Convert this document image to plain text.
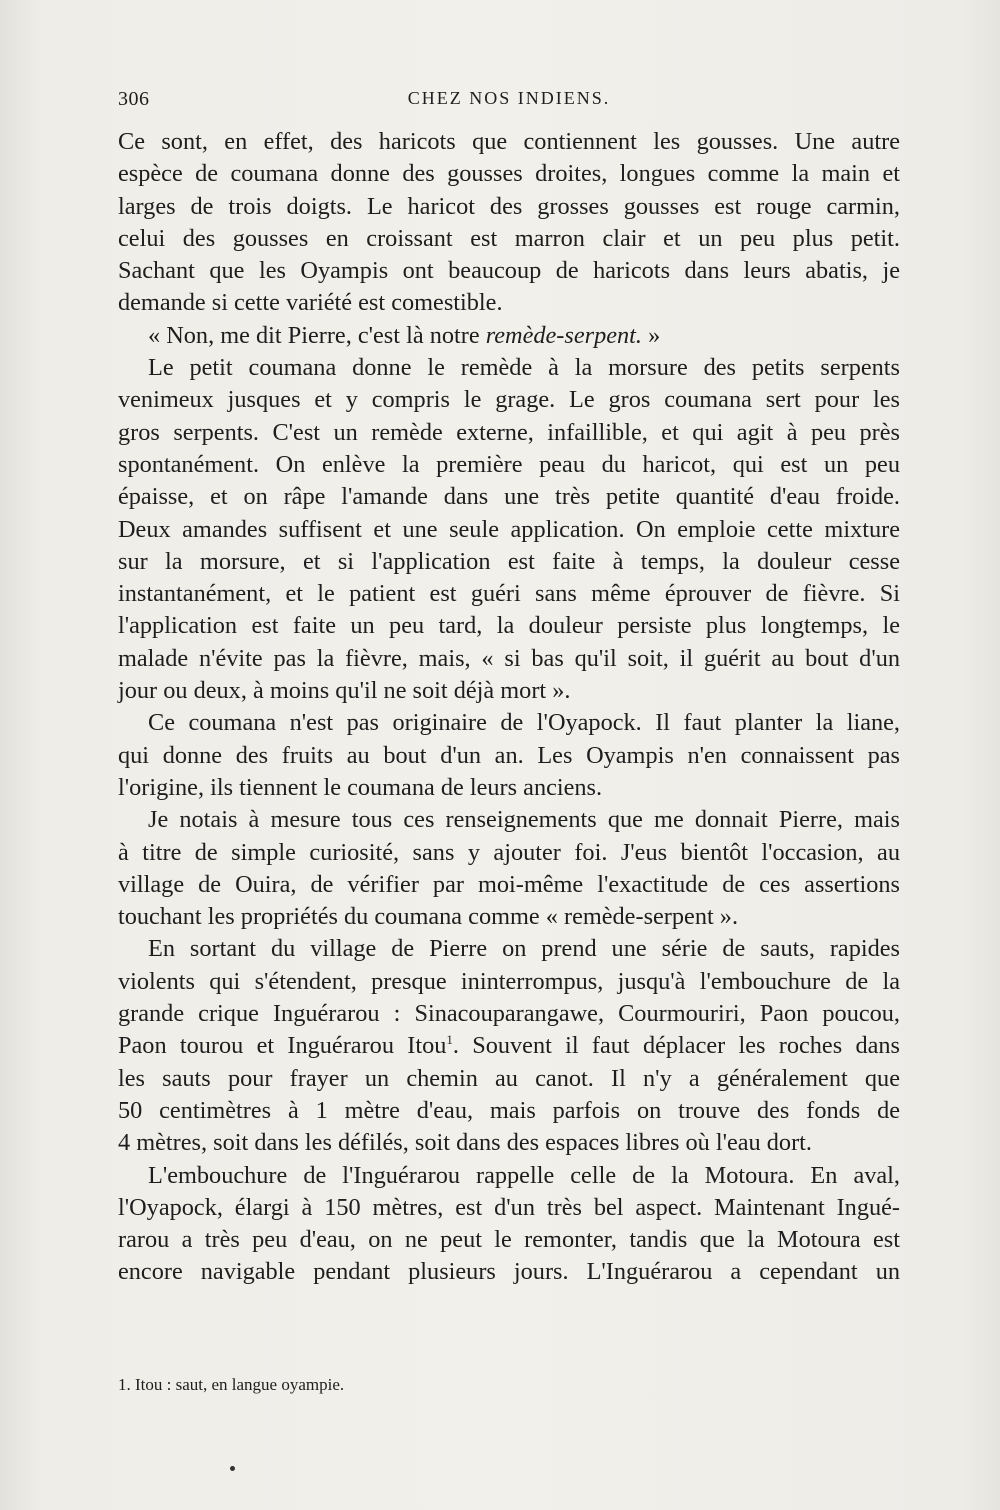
306	CHEZ NOS INDIENS.
Ce sont, en effet, des haricots que contiennent les gousses. Une autre
espèce de coumana donne des gousses droites, longues comme la main et
larges de trois doigts. Le haricot des grosses gousses est rouge carmin,
celui des gousses en croissant est marron clair et un peu plus petit.
Sachant que les Oyampis ont beaucoup de haricots dans leurs abatis, je
demande si cette variété est comestible.
« Non, me dit Pierre, c'est là notre remède-serpent. »
Le petit coumana donne le remède à la morsure des petits serpents
venimeux jusques et y compris le grage. Le gros coumana sert pour les
gros serpents. C'est un remède externe, infaillible, et qui agit à peu près
spontanément. On enlève la première peau du haricot, qui est un peu
épaisse, et on râpe l'amande dans une très petite quantité d'eau froide.
Deux amandes suffisent et une seule application. On emploie cette mixture
sur la morsure, et si l'application est faite à temps, la douleur cesse
instantanément, et le patient est guéri sans même éprouver de fièvre. Si
l'application est faite un peu tard, la douleur persiste plus longtemps, le
malade n'évite pas la fièvre, mais, « si bas qu'il soit, il guérit au bout d'un
jour ou deux, à moins qu'il ne soit déjà mort ».
Ce coumana n'est pas originaire de l'Oyapock. Il faut planter la liane,
qui donne des fruits au bout d'un an. Les Oyampis n'en connaissent pas
l'origine, ils tiennent le coumana de leurs anciens.
Je notais à mesure tous ces renseignements que me donnait Pierre, mais
à titre de simple curiosité, sans y ajouter foi. J'eus bientôt l'occasion, au
village de Ouira, de vérifier par moi-même l'exactitude de ces assertions
touchant les propriétés du coumana comme « remède-serpent ».
En sortant du village de Pierre on prend une série de sauts, rapides
violents qui s'étendent, presque ininterrompus, jusqu'à l'embouchure de la
grande crique Inguérarou : Sinacouparangawe, Courmouriri, Paon poucou,
Paon tourou et Inguérarou Itou$^1$. Souvent il faut déplacer les roches dans
les sauts pour frayer un chemin au canot. Il n'y a généralement que
50 centimètres à 1 mètre d'eau, mais parfois on trouve des fonds de
4 mètres, soit dans les défilés, soit dans des espaces libres où l'eau dort.
L'embouchure de l'Inguérarou rappelle celle de la Motoura. En aval,
l'Oyapock, élargi à 150 mètres, est d'un très bel aspect. Maintenant Ingué-
rarou a très peu d'eau, on ne peut le remonter, tandis que la Motoura est
encore navigable pendant plusieurs jours. L'Inguérarou a cependant un
1. Itou : saut, en langue oyampie.
